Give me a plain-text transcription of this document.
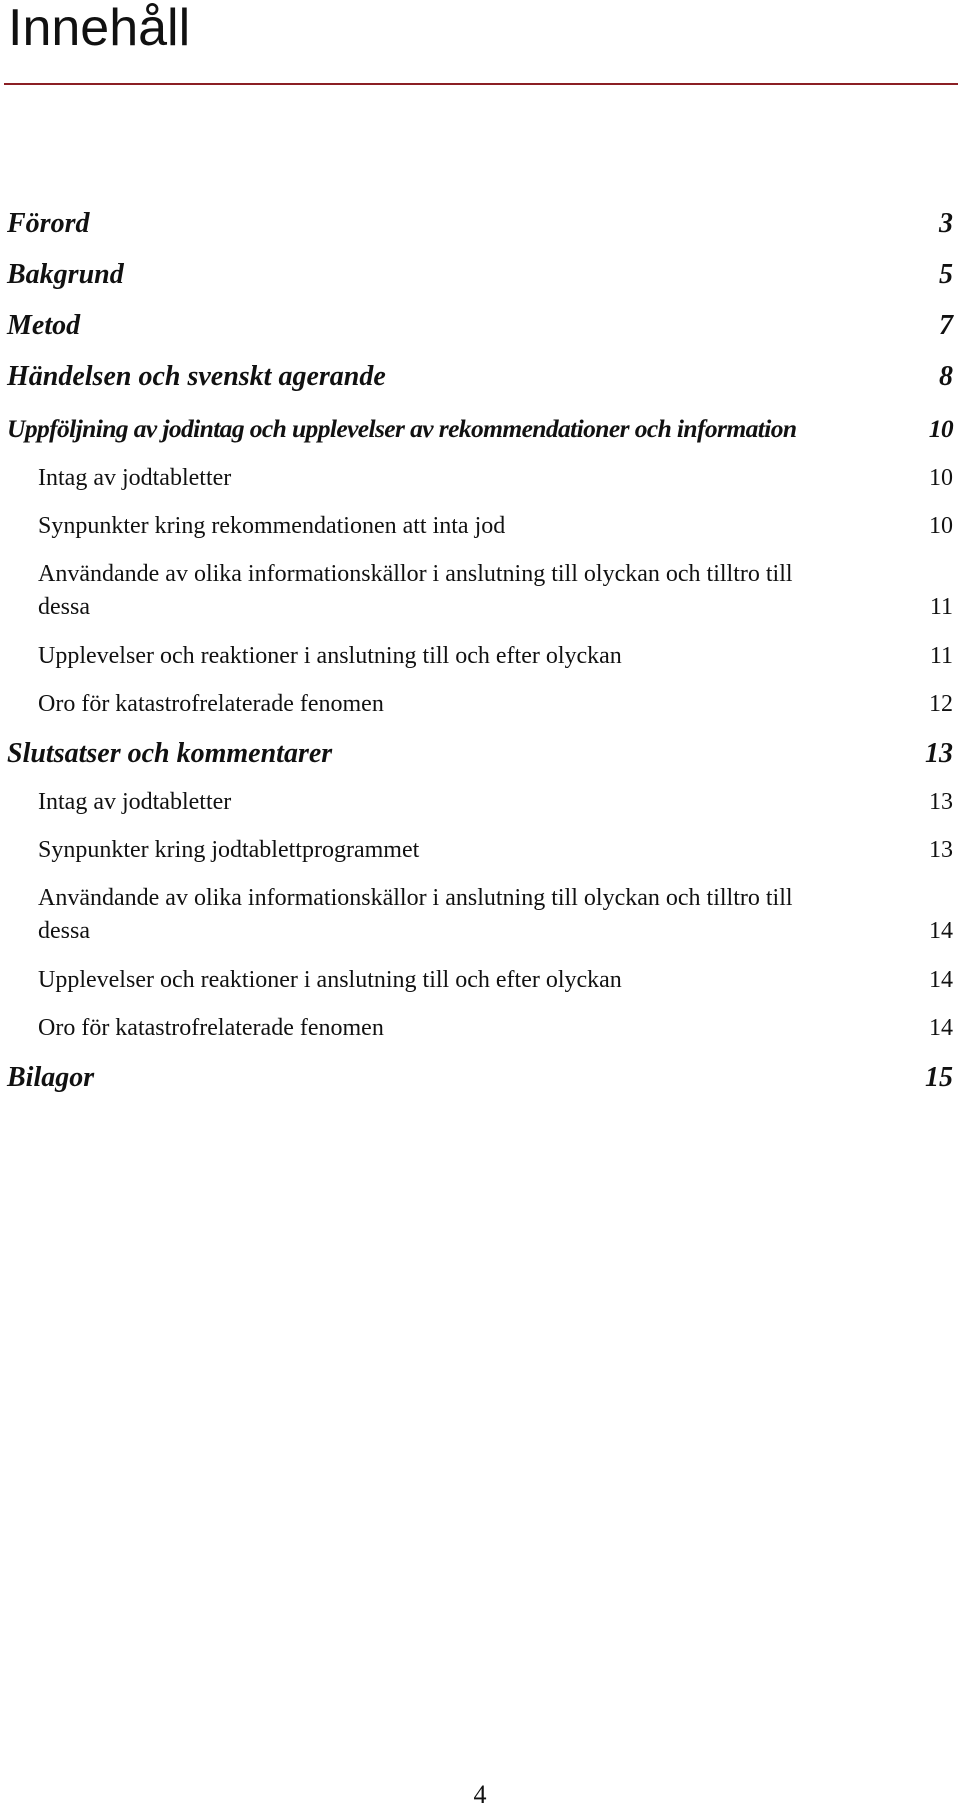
Innehåll
Förord	3
Bakgrund	5
Metod	7
Händelsen och svenskt agerande	8
Uppföljning av jodintag och upplevelser av rekommendationer och information	10
Intag av jodtabletter	10
Synpunkter kring rekommendationen att inta jod	10
Användande av olika informationskällor i anslutning till olyckan och tilltro till
dessa	11
Upplevelser och reaktioner i anslutning till och efter olyckan	11
Oro för katastrofrelaterade fenomen	12
Slutsatser och kommentarer	13
Intag av jodtabletter	13
Synpunkter kring jodtablettprogrammet	13
Användande av olika informationskällor i anslutning till olyckan och tilltro till
dessa	14
Upplevelser och reaktioner i anslutning till och efter olyckan	14
Oro för katastrofrelaterade fenomen	14
Bilagor	15
4
